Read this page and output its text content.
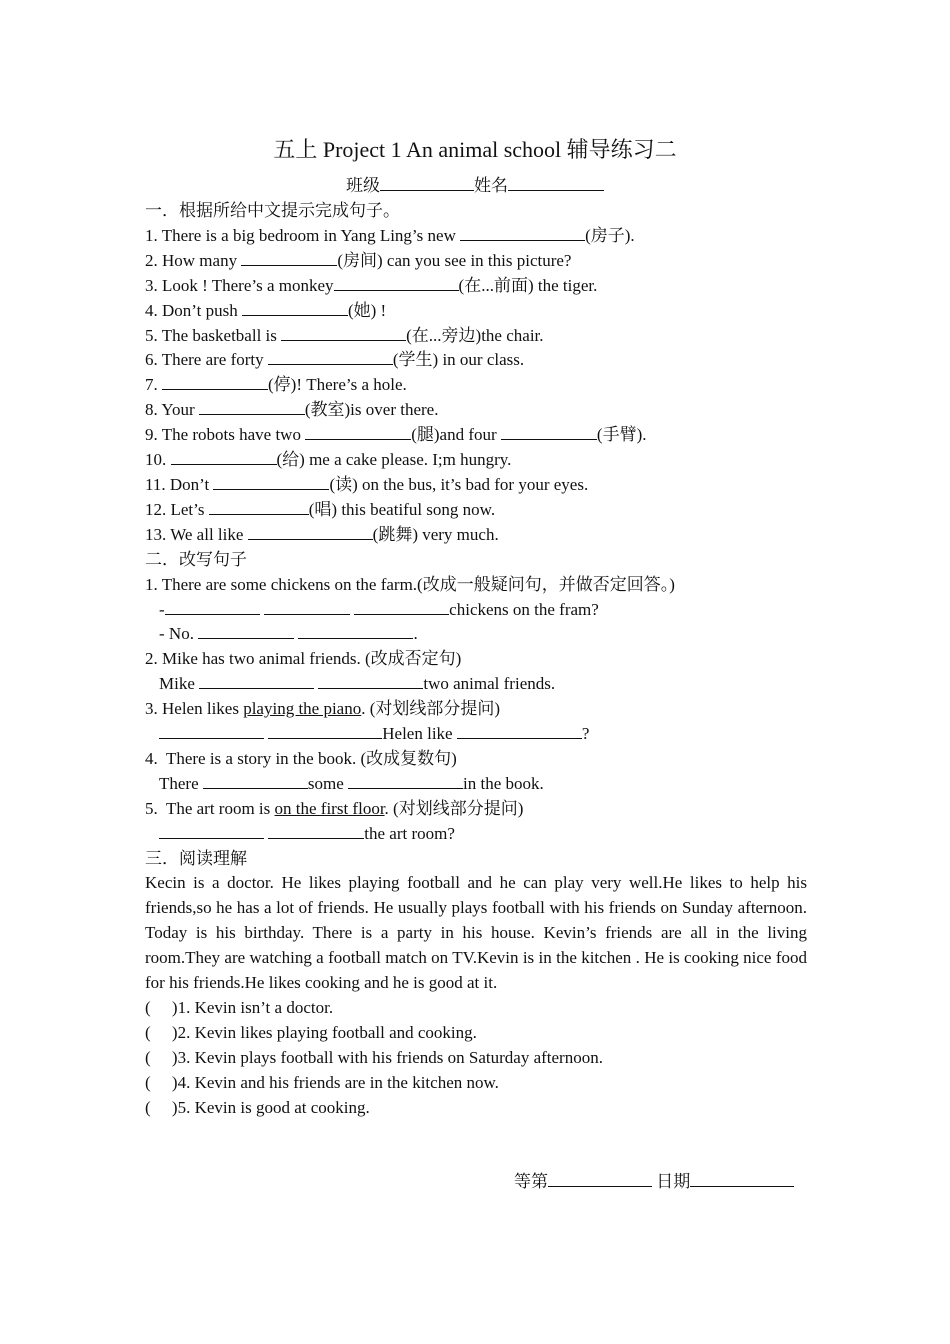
五上 Project 1 An animal school 辅导练习二
班级	姓名
一．根据所给中文提示完成句子。
1. There is a big bedroom in Yang Ling’s new	(房子).
2. How many	(房间) can you see in this picture?
3. Look ! There’s a monkey	(在...前面) the tiger.
4. Don’t push	(她) !
5. The basketball is	(在...旁边)the chair.
6. There are forty	(学生) in our class.
7.	(停)! There’s a hole.
8. Your	(教室)is over there.
9. The robots have two	(腿)and four	(手臂).
10.	(给) me a cake please. I;m hungry.
11. Don’t	(读) on the bus, it’s bad for your eyes.
12. Let’s	(唱) this beatiful song now.
13. We all like	(跳舞) very much.
二．改写句子
1. There are some chickens on the farm.(改成一般疑问句，并做否定回答。)
-	chickens on the fram?
- No.	.
2. Mike has two animal friends. (改成否定句)
Mike	two animal friends.
3. Helen likes playing the piano. (对划线部分提问)
Helen like	?
4.  There is a story in the book. (改成复数句)
There	some	in the book.
5.  The art room is on the first floor. (对划线部分提问)
the art room?
三．阅读理解
Kecin is a doctor. He likes playing football and he can play very well.He likes to help his friends,so he has a lot of friends. He usually plays football with his friends on Sunday afternoon. Today is his birthday. There is a party in his house. Kevin’s friends are all in the living room.They are watching a football match on TV.Kevin is in the kitchen . He is cooking nice food for his friends.He likes cooking and he is good at it.
(     )1. Kevin isn’t a doctor.
(     )2. Kevin likes playing football and cooking.
(     )3. Kevin plays football with his friends on Saturday afternoon.
(     )4. Kevin and his friends are in the kitchen now.
(     )5. Kevin is good at cooking.
等第	日期
